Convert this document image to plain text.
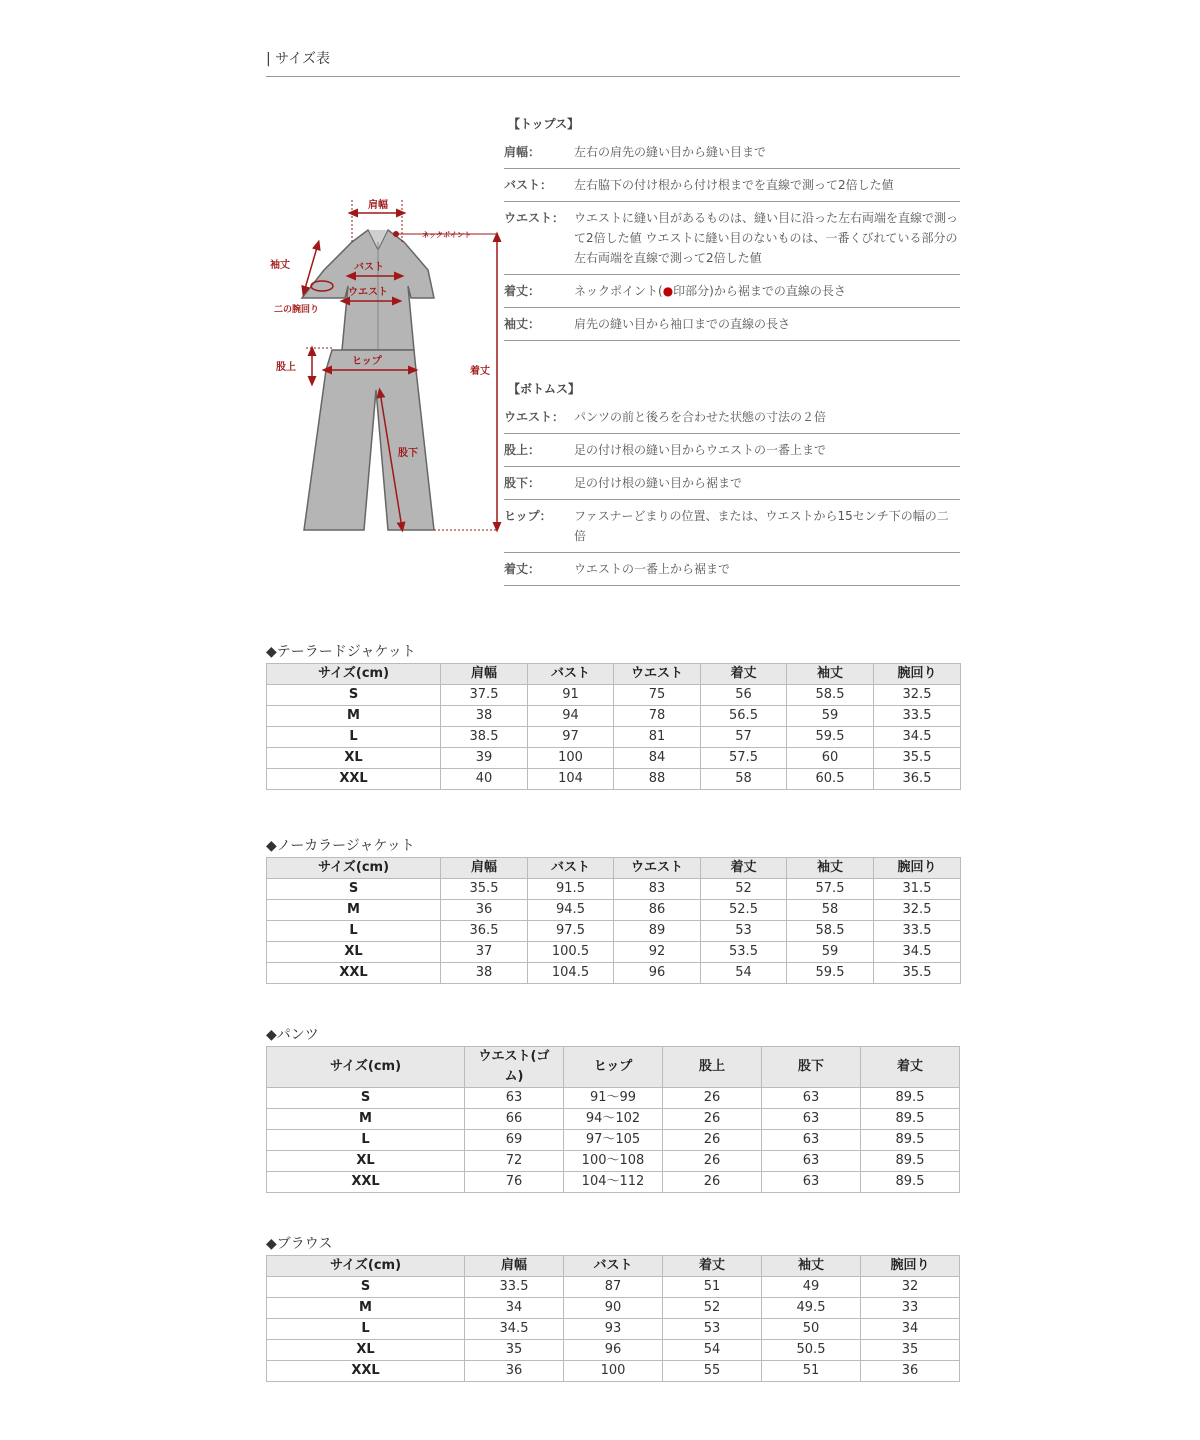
| サイズ表
肩幅
ネックポイント
着丈
袖丈	バスト
ウエスト
二の腕回り
股上
ヒップ
股下
【トップス】
肩幅：	左右の肩先の縫い目から縫い目まで
バスト：	左右脇下の付け根から付け根までを直線で測って2倍した値
ウエスト： ウエストに縫い目があるものは、縫い目に沿った左右両端を直線で測って2倍した値 ウエストに縫い目のないものは、一番くびれている部分の左右両端を直線で測って2倍した値
着丈：	ネックポイント(●印部分)から裾までの直線の長さ
袖丈：	肩先の縫い目から袖口までの直線の長さ
【ボトムス】
ウエスト： パンツの前と後ろを合わせた状態の寸法の２倍
股上：	足の付け根の縫い目からウエストの一番上まで
股下：	足の付け根の縫い目から裾まで
ヒップ：	ファスナーどまりの位置、または、ウエストから15センチ下の幅の二倍
着丈：	ウエストの一番上から裾まで
◆テーラードジャケット
サイズ(cm)	肩幅	バスト	ウエスト	着丈	袖丈	腕回り
S	37.5	91	75	56	58.5	32.5
M	38	94	78	56.5	59	33.5
L	38.5	97	81	57	59.5	34.5
XL	39	100	84	57.5	60	35.5
XXL	40	104	88	58	60.5	36.5
◆ノーカラージャケット
サイズ(cm)	肩幅	バスト	ウエスト	着丈	袖丈	腕回り
S	35.5	91.5	83	52	57.5	31.5
M	36	94.5	86	52.5	58	32.5
L	36.5	97.5	89	53	58.5	33.5
XL	37	100.5	92	53.5	59	34.5
XXL	38	104.5	96	54	59.5	35.5
◆パンツ
サイズ(cm)	ウエスト(ゴム)	ヒップ	股上	股下	着丈
S	63	91～99	26	63	89.5
M	66	94～102	26	63	89.5
L	69	97～105	26	63	89.5
XL	72	100～108	26	63	89.5
XXL	76	104～112	26	63	89.5
◆ブラウス
サイズ(cm)	肩幅	バスト	着丈	袖丈	腕回り
S	33.5	87	51	49	32
M	34	90	52	49.5	33
L	34.5	93	53	50	34
XL	35	96	54	50.5	35
XXL	36	100	55	51	36
